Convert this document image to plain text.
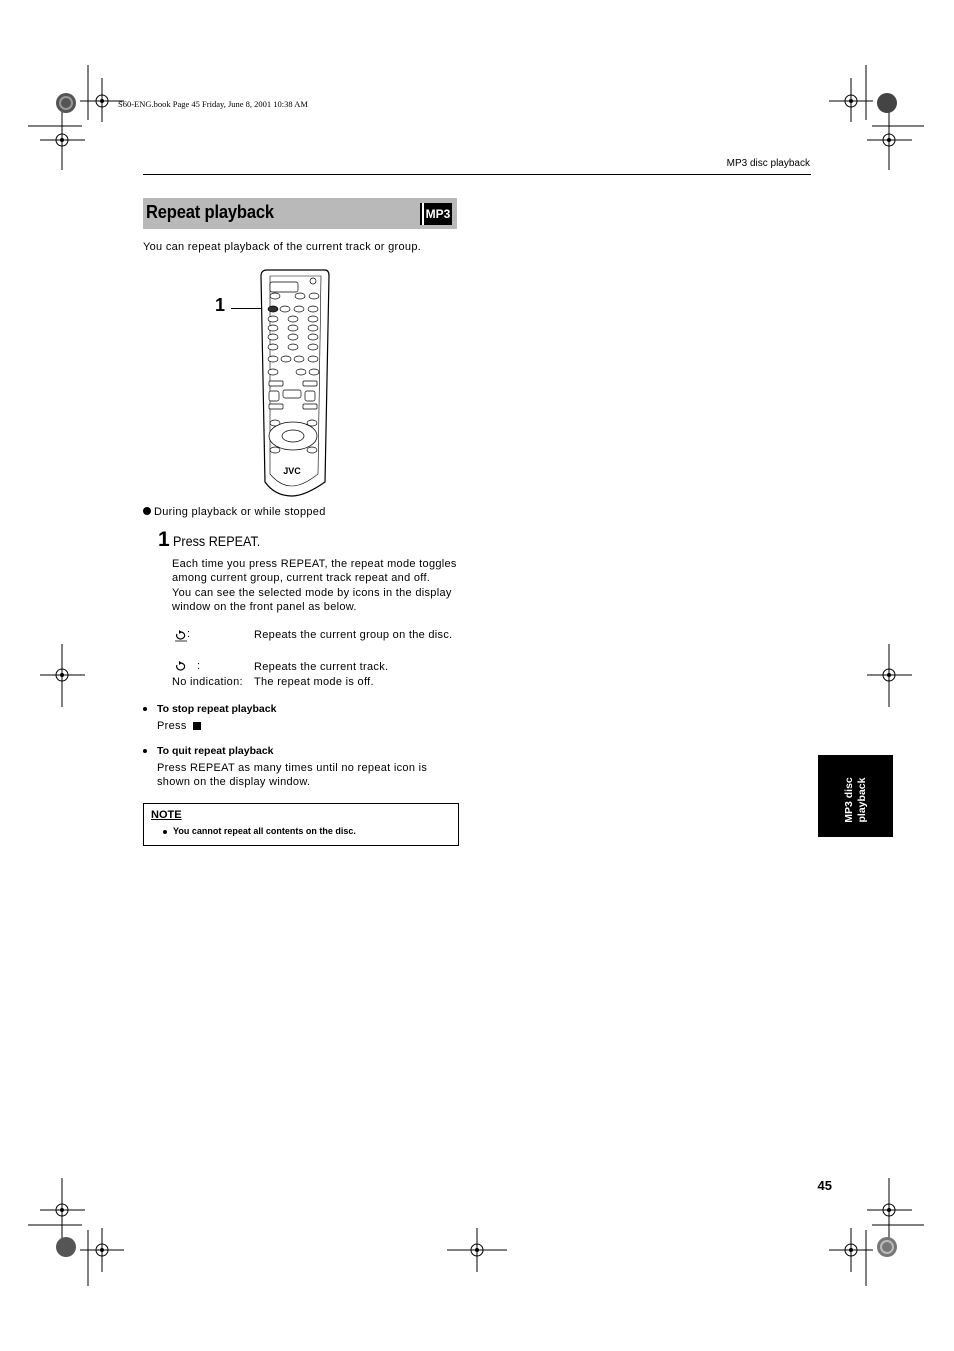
S60-ENG.book Page 45 Friday, June 8, 2001 10:38 AM
MP3 disc playback
Repeat playback	MP3
You can repeat playback of the current track or group.
1
JVC
During playback or while stopped
1 Press REPEAT.
Each time you press REPEAT, the repeat mode toggles among current group, current track repeat and off.
You can see the selected mode by icons in the display window on the front panel as below.
:	Repeats the current group on the disc.
:	Repeats the current track.
No indication: The repeat mode is off.
To stop repeat playback
Press
To quit repeat playback
Press REPEAT as many times until no repeat icon is shown on the display window.
NOTE
You cannot repeat all contents on the disc.
MP3 disc playback
45
